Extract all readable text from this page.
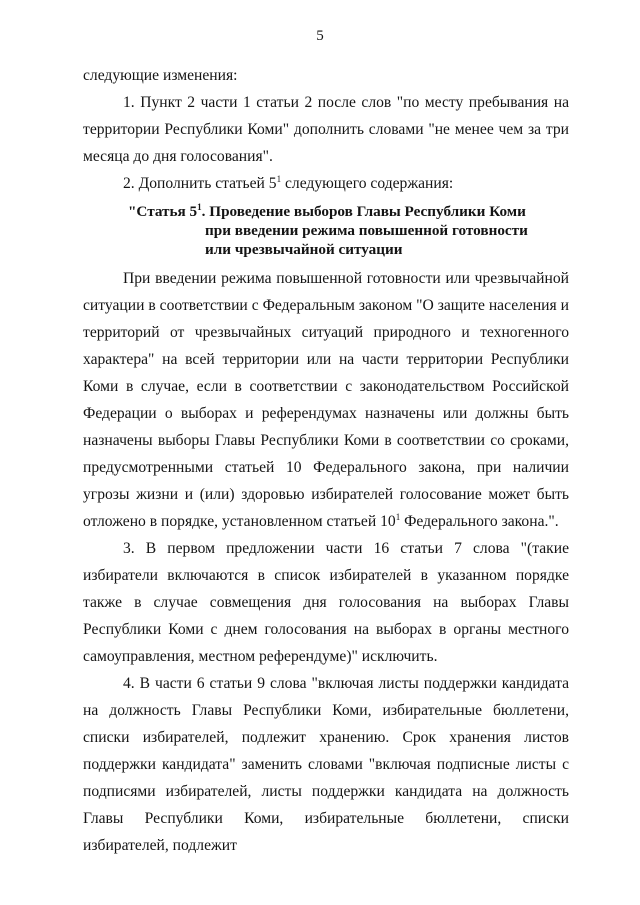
5

следующие изменения:

1. Пункт 2 части 1 статьи 2 после слов "по месту пребывания на территории Республики Коми" дополнить словами "не менее чем за три месяца до дня голосования".

2. Дополнить статьей $5^1$ следующего содержания:

"Статья $5^1$. Проведение выборов Главы Республики Коми
при введении режима повышенной готовности
или чрезвычайной ситуации

При введении режима повышенной готовности или чрезвычайной ситуации в соответствии с Федеральным законом "О защите населения и территорий от чрезвычайных ситуаций природного и техногенного характера" на всей территории или на части территории Республики Коми в случае, если в соответствии с законодательством Российской Федерации о выборах и референдумах назначены или должны быть назначены выборы Главы Республики Коми в соответствии со сроками, предусмотренными статьей 10 Федерального закона, при наличии угрозы жизни и (или) здоровью избирателей голосование может быть отложено в порядке, установленном статьей $10^1$ Федерального закона.".

3. В первом предложении части 16 статьи 7 слова "(такие избиратели включаются в список избирателей в указанном порядке также в случае совмещения дня голосования на выборах Главы Республики Коми с днем голосования на выборах в органы местного самоуправления, местном референдуме)" исключить.

4. В части 6 статьи 9 слова "включая листы поддержки кандидата на должность Главы Республики Коми, избирательные бюллетени, списки избирателей, подлежит хранению. Срок хранения листов поддержки кандидата" заменить словами "включая подписные листы с подписями избирателей, листы поддержки кандидата на должность Главы Республики Коми, избирательные бюллетени, списки избирателей, подлежит
